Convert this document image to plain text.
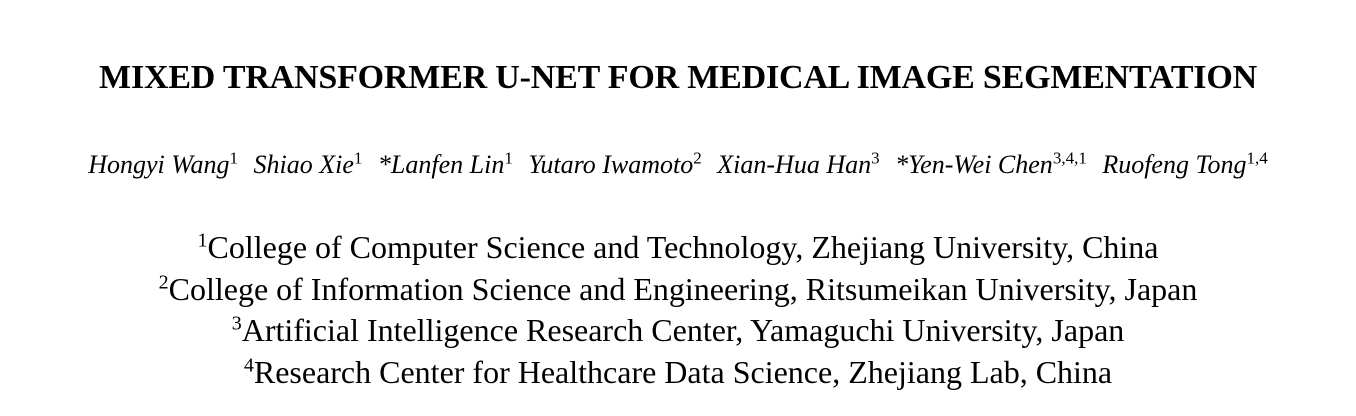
MIXED TRANSFORMER U-NET FOR MEDICAL IMAGE SEGMENTATION
Hongyi Wang$^1$ Shiao Xie$^1$ *Lanfen Lin$^1$ Yutaro Iwamoto$^2$ Xian-Hua Han$^3$ *Yen-Wei Chen$^{3,4,1}$ Ruofeng Tong$^{1,4}$
$^1$College of Computer Science and Technology, Zhejiang University, China
$^2$College of Information Science and Engineering, Ritsumeikan University, Japan
$^3$Artificial Intelligence Research Center, Yamaguchi University, Japan
$^4$Research Center for Healthcare Data Science, Zhejiang Lab, China
